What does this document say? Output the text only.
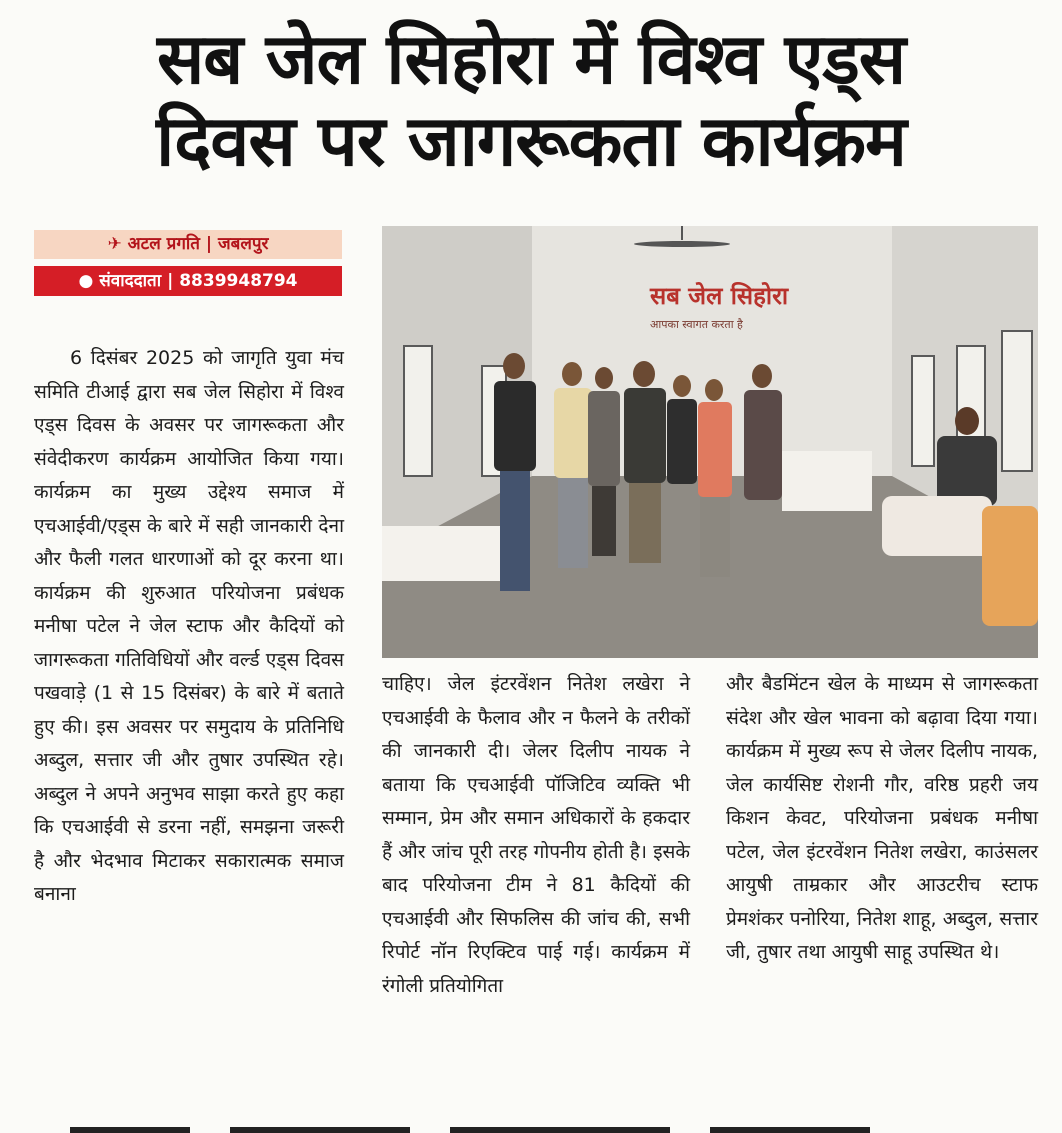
सब जेल सिहोरा में विश्व एड्स
दिवस पर जागरूकता कार्यक्रम
✈ अटल प्रगति | जबलपुर
● संवाददाता | 8839948794
सब जेल सिहोरा
आपका स्वागत करता है

6 दिसंबर 2025 को जागृति युवा मंच समिति टीआई द्वारा सब जेल सिहोरा में विश्व एड्स दिवस के अवसर पर जागरूकता और संवेदीकरण कार्यक्रम आयोजित किया गया। कार्यक्रम का मुख्य उद्देश्य समाज में एचआईवी/एड्स के बारे में सही जानकारी देना और फैली गलत धारणाओं को दूर करना था। कार्यक्रम की शुरुआत परियोजना प्रबंधक मनीषा पटेल ने जेल स्टाफ और कैदियों को जागरूकता गतिविधियों और वर्ल्ड एड्स दिवस पखवाड़े (1 से 15 दिसंबर) के बारे में बताते हुए की। इस अवसर पर समुदाय के प्रतिनिधि अब्दुल, सत्तार जी और तुषार उपस्थित रहे। अब्दुल ने अपने अनुभव साझा करते हुए कहा कि एचआईवी से डरना नहीं, समझना जरूरी है और भेदभाव मिटाकर सकारात्मक समाज बनाना

चाहिए। जेल इंटरवेंशन नितेश लखेरा ने एचआईवी के फैलाव और न फैलने के तरीकों की जानकारी दी। जेलर दिलीप नायक ने बताया कि एचआईवी पॉजिटिव व्यक्ति भी सम्मान, प्रेम और समान अधिकारों के हकदार हैं और जांच पूरी तरह गोपनीय होती है। इसके बाद परियोजना टीम ने 81 कैदियों की एचआईवी और सिफलिस की जांच की, सभी रिपोर्ट नॉन रिएक्टिव पाई गई। कार्यक्रम में रंगोली प्रतियोगिता

और बैडमिंटन खेल के माध्यम से जागरूकता संदेश और खेल भावना को बढ़ावा दिया गया। कार्यक्रम में मुख्य रूप से जेलर दिलीप नायक, जेल कार्यसिष्ट रोशनी गौर, वरिष्ठ प्रहरी जय किशन केवट, परियोजना प्रबंधक मनीषा पटेल, जेल इंटरवेंशन नितेश लखेरा, काउंसलर आयुषी ताम्रकार और आउटरीच स्टाफ प्रेमशंकर पनोरिया, नितेश शाहू, अब्दुल, सत्तार जी, तुषार तथा आयुषी साहू उपस्थित थे।
